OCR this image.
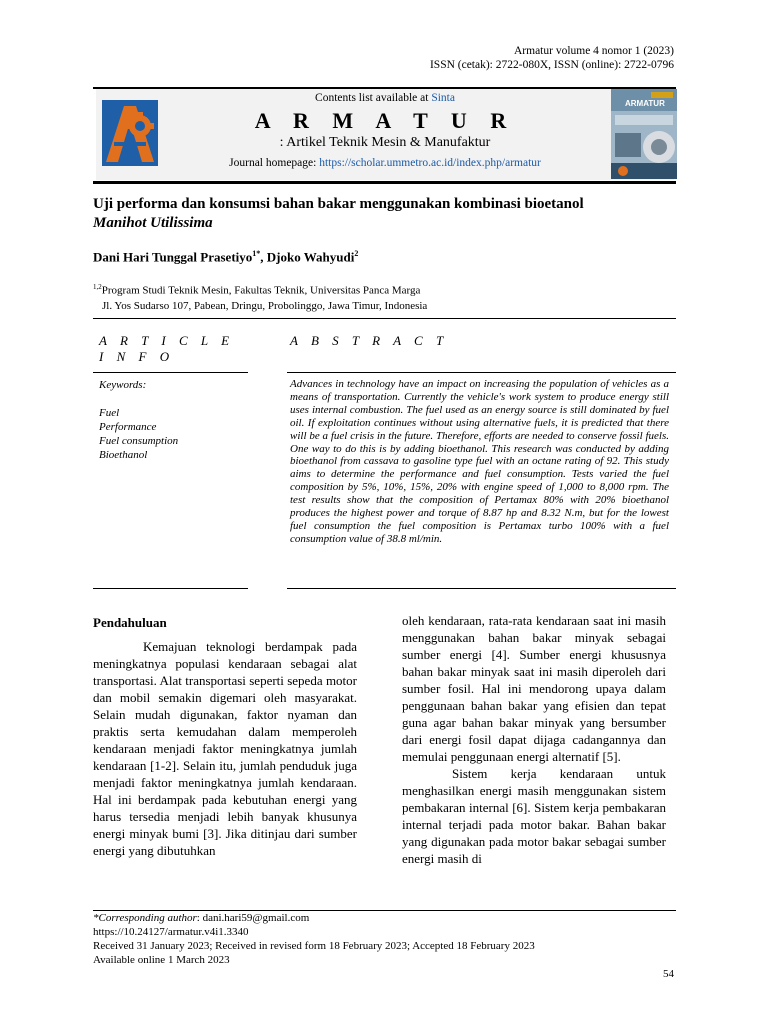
Armatur volume 4 nomor 1 (2023)
ISSN (cetak): 2722-080X, ISSN (online): 2722-0796
Contents list available at Sinta
A R M A T U R
: Artikel Teknik Mesin & Manufaktur
Journal homepage: https://scholar.ummetro.ac.id/index.php/armatur
ARMATUR
Uji performa dan konsumsi bahan bakar menggunakan kombinasi bioetanol
Manihot Utilissima
Dani Hari Tunggal Prasetiyo$^{1*}$, Djoko Wahyudi$^2$
$^{1,2}$Program Studi Teknik Mesin, Fakultas Teknik, Universitas Panca Marga
Jl. Yos Sudarso 107, Pabean, Dringu, Probolinggo, Jawa Timur, Indonesia
A R T I C L E
I N F O
A B S T R A C T
Keywords:
Fuel
Performance
Fuel consumption
Bioethanol
Advances in technology have an impact on increasing the population of vehicles as a means of transportation. Currently the vehicle's work system to produce energy still uses internal combustion. The fuel used as an energy source is still dominated by fuel oil. If exploitation continues without using alternative fuels, it is predicted that there will be a fuel crisis in the future. Therefore, efforts are needed to conserve fossil fuels. One way to do this is by adding bioethanol. This research was conducted by adding bioethanol from cassava to gasoline type fuel with an octane rating of 92. This study aims to determine the performance and fuel consumption. Tests varied the fuel composition by 5%, 10%, 15%, 20% with engine speed of 1,000 to 8,000 rpm. The test results show that the composition of Pertamax 80% with 20% bioethanol produces the highest power and torque of 8.87 hp and 8.32 N.m, but for the lowest fuel consumption the fuel composition is Pertamax turbo 100% with a fuel consumption value of 38.8 ml/min.

Pendahuluan

Kemajuan teknologi berdampak pada meningkatnya populasi kendaraan sebagai alat transportasi. Alat transportasi seperti sepeda motor dan mobil semakin digemari oleh masyarakat. Selain mudah digunakan, faktor nyaman dan praktis serta kemudahan dalam memperoleh kendaraan menjadi faktor meningkatnya jumlah kendaraan [1-2]. Selain itu, jumlah penduduk juga menjadi faktor meningkatnya jumlah kendaraan. Hal ini berdampak pada kebutuhan energi yang harus tersedia menjadi lebih banyak khusunya energi minyak bumi [3]. Jika ditinjau dari sumber energi yang dibutuhkan

oleh kendaraan, rata-rata kendaraan saat ini masih menggunakan bahan bakar minyak sebagai sumber energi [4]. Sumber energi khususnya bahan bakar minyak saat ini masih diperoleh dari sumber fosil. Hal ini mendorong upaya dalam penggunaan bahan bakar yang efisien dan tepat guna agar bahan bakar minyak yang bersumber dari energi fosil dapat dijaga cadangannya dan memulai penggunaan energi alternatif [5].

Sistem kerja kendaraan untuk menghasilkan energi masih menggunakan sistem pembakaran internal [6]. Sistem kerja pembakaran internal terjadi pada motor bakar. Bahan bakar yang digunakan pada motor bakar sebagai sumber energi masih di

*Corresponding author: dani.hari59@gmail.com
https://10.24127/armatur.v4i1.3340
Received 31 January 2023; Received in revised form 18 February 2023; Accepted 18 February 2023
Available online 1 March 2023
54
